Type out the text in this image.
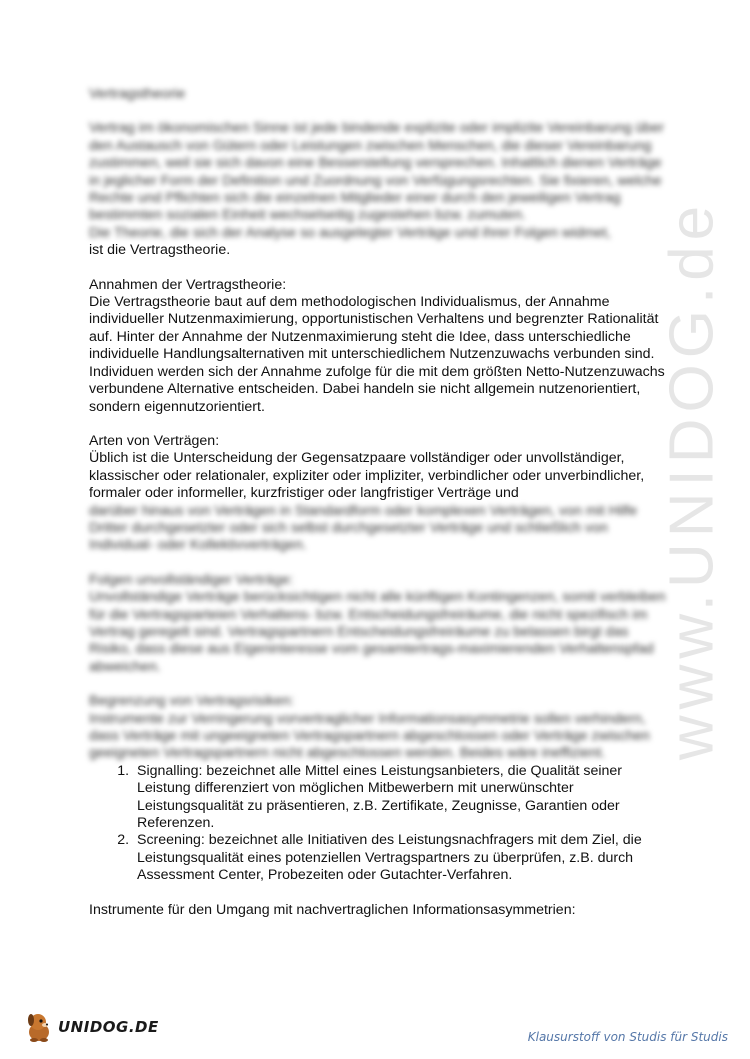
www.UNIDOG.de

Vertragstheorie

Vertrag im ökonomischen Sinne ist jede bindende explizite oder implizite Vereinbarung über den Austausch von Gütern oder Leistungen zwischen Menschen, die dieser Vereinbarung zustimmen, weil sie sich davon eine Besserstellung versprechen. Inhaltlich dienen Verträge in jeglicher Form der Definition und Zuordnung von Verfügungsrechten. Sie fixieren, welche Rechte und Pflichten sich die einzelnen Mitglieder einer durch den jeweiligen Vertrag bestimmten sozialen Einheit wechselseitig zugestehen bzw. zumuten.

Die Theorie, die sich der Analyse so ausgelegter Verträge und ihrer Folgen widmet,

ist die Vertragstheorie.

Annahmen der Vertragstheorie:

Die Vertragstheorie baut auf dem methodologischen Individualismus, der Annahme individueller Nutzenmaximierung, opportunistischen Verhaltens und begrenzter Rationalität auf. Hinter der Annahme der Nutzenmaximierung steht die Idee, dass unterschiedliche individuelle Handlungsalternativen mit unterschiedlichem Nutzenzuwachs verbunden sind. Individuen werden sich der Annahme zufolge für die mit dem größten Netto-Nutzenzuwachs verbundene Alternative entscheiden. Dabei handeln sie nicht allgemein nutzenorientiert, sondern eigennutzorientiert.

Arten von Verträgen:

Üblich ist die Unterscheidung der Gegensatzpaare vollständiger oder unvollständiger, klassischer oder relationaler, expliziter oder impliziter, verbindlicher oder unverbindlicher, formaler oder informeller, kurzfristiger oder langfristiger Verträge und

darüber hinaus von Verträgen in Standardform oder komplexen Verträgen, von mit Hilfe Dritter durchgesetzter oder sich selbst durchgesetzter Verträge und schließlich von Individual- oder Kollektivverträgen.

Folgen unvollständiger Verträge:

Unvollständige Verträge berücksichtigen nicht alle künftigen Kontingenzen, somit verbleiben für die Vertragsparteien Verhaltens- bzw. Entscheidungsfreiräume, die nicht spezifisch im Vertrag geregelt sind. Vertragspartnern Entscheidungsfreiräume zu belassen birgt das Risiko, dass diese aus Eigeninteresse vom gesamtertrags-maximierenden Verhaltenspfad abweichen.

Begrenzung von Vertragsrisiken:

Instrumente zur Verringerung vorvertraglicher Informationsasymmetrie sollen verhindern, dass Verträge mit ungeeigneten Vertragspartnern abgeschlossen oder Verträge zwischen geeigneten Vertragspartnern nicht abgeschlossen werden. Beides wäre ineffizient.

1. Signalling: bezeichnet alle Mittel eines Leistungsanbieters, die Qualität seiner Leistung differenziert von möglichen Mitbewerbern mit unerwünschter Leistungsqualität zu präsentieren, z.B. Zertifikate, Zeugnisse, Garantien oder Referenzen.
2. Screening: bezeichnet alle Initiativen des Leistungsnachfragers mit dem Ziel, die Leistungsqualität eines potenziellen Vertragspartners zu überprüfen, z.B. durch Assessment Center, Probezeiten oder Gutachter-Verfahren.

Instrumente für den Umgang mit nachvertraglichen Informationsasymmetrien:

UNIDOG.DE
Klausurstoff von Studis für Studis
